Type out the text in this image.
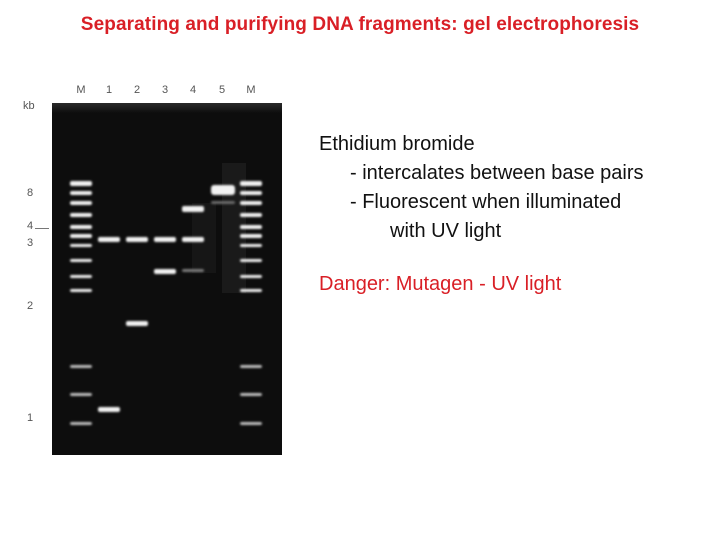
Separating and purifying DNA fragments: gel electrophoresis
M 1 2 3 4 5 M
kb
8
4
3
2
1
Ethidium bromide
- intercalates between base pairs
- Fluorescent when illuminated
with UV light
Danger: Mutagen - UV light
